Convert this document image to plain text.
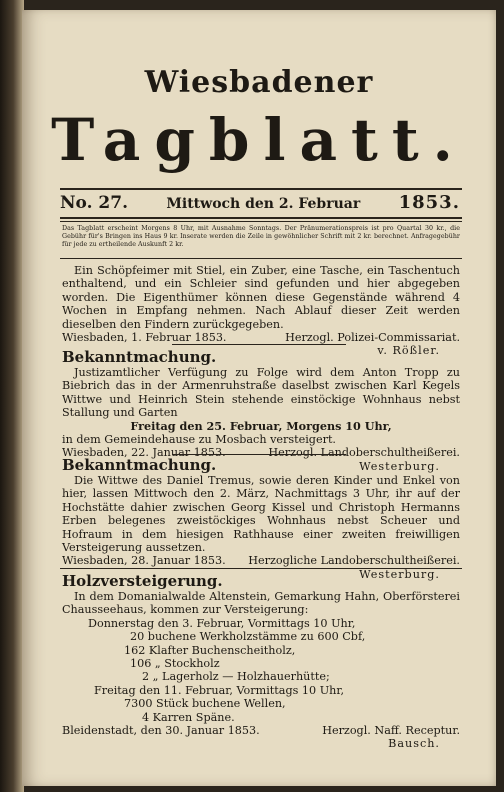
Wiesbadener
Tagblatt.
No. 27.	Mittwoch den 2. Februar 1853.
Das Tagblatt erscheint Morgens 8 Uhr, mit Ausnahme Sonntags. Der Pränumerationspreis ist pro Quartal 30 kr., die Gebühr für's Bringen ins Haus 9 kr. Inserate werden die Zeile in gewöhnlicher Schrift mit 2 kr. berechnet. Anfragegebühr für jede zu ertheilende Auskunft 2 kr.

Ein Schöpfeimer mit Stiel, ein Zuber, eine Tasche, ein Taschentuch enthaltend, und ein Schleier sind gefunden und hier abgegeben worden. Die Eigenthümer können diese Gegenstände während 4 Wochen in Empfang nehmen. Nach Ablauf dieser Zeit werden dieselben den Findern zurückgegeben.

Wiesbaden, 1. Februar 1853.	Herzogl. Polizei-Commissariat.
v. Rößler.

Bekanntmachung.

Justizamtlicher Verfügung zu Folge wird dem Anton Tropp zu Biebrich das in der Armenruhstraße daselbst zwischen Karl Kegels Wittwe und Heinrich Stein stehende einstöckige Wohnhaus nebst Stallung und Garten

Freitag den 25. Februar, Morgens 10 Uhr,
in dem Gemeindehause zu Mosbach versteigert.
Wiesbaden, 22. Januar 1853.	Herzogl. Landoberschultheißerei.
Westerburg.

Bekanntmachung.

Die Wittwe des Daniel Tremus, sowie deren Kinder und Enkel von hier, lassen Mittwoch den 2. März, Nachmittags 3 Uhr, ihr auf der Hochstätte dahier zwischen Georg Kissel und Christoph Hermanns Erben belegenes zweistöckiges Wohnhaus nebst Scheuer und Hofraum in dem hiesigen Rathhause einer zweiten freiwilligen Versteigerung aussetzen.

Wiesbaden, 28. Januar 1853. Herzogliche Landoberschultheißerei.
Westerburg.

Holzversteigerung.

In dem Domanialwalde Altenstein, Gemarkung Hahn, Oberförsterei Chausseehaus, kommen zur Versteigerung:

Donnerstag den 3. Februar, Vormittags 10 Uhr,

20 buchene Werkholzstämme zu 600 Cbf,

162 Klafter Buchenscheitholz,

106 „ Stockholz

2 „ Lagerholz — Holzhauerhütte;

Freitag den 11. Februar, Vormittags 10 Uhr,

7300 Stück buchene Wellen,

4 Karren Späne.

Bleidenstadt, den 30. Januar 1853.	Herzogl. Naff. Receptur.
Bausch.
